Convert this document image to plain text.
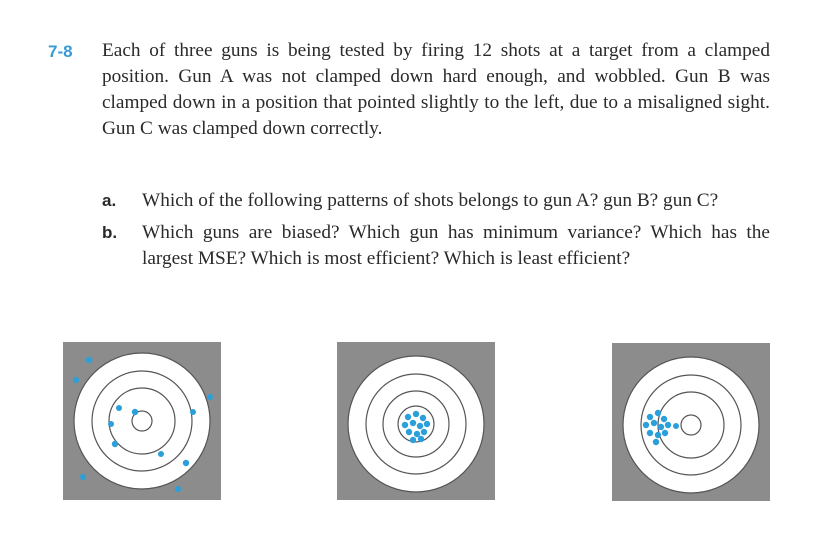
7-8 Each of three guns is being tested by firing 12 shots at a target from a clamped position. Gun A was not clamped down hard enough, and wobbled. Gun B was clamped down in a position that pointed slightly to the left, due to a misaligned sight. Gun C was clamped down correctly.

a. Which of the following patterns of shots belongs to gun A? gun B? gun C?
b. Which guns are biased? Which gun has minimum variance? Which has the largest MSE? Which is most efficient? Which is least efficient?
